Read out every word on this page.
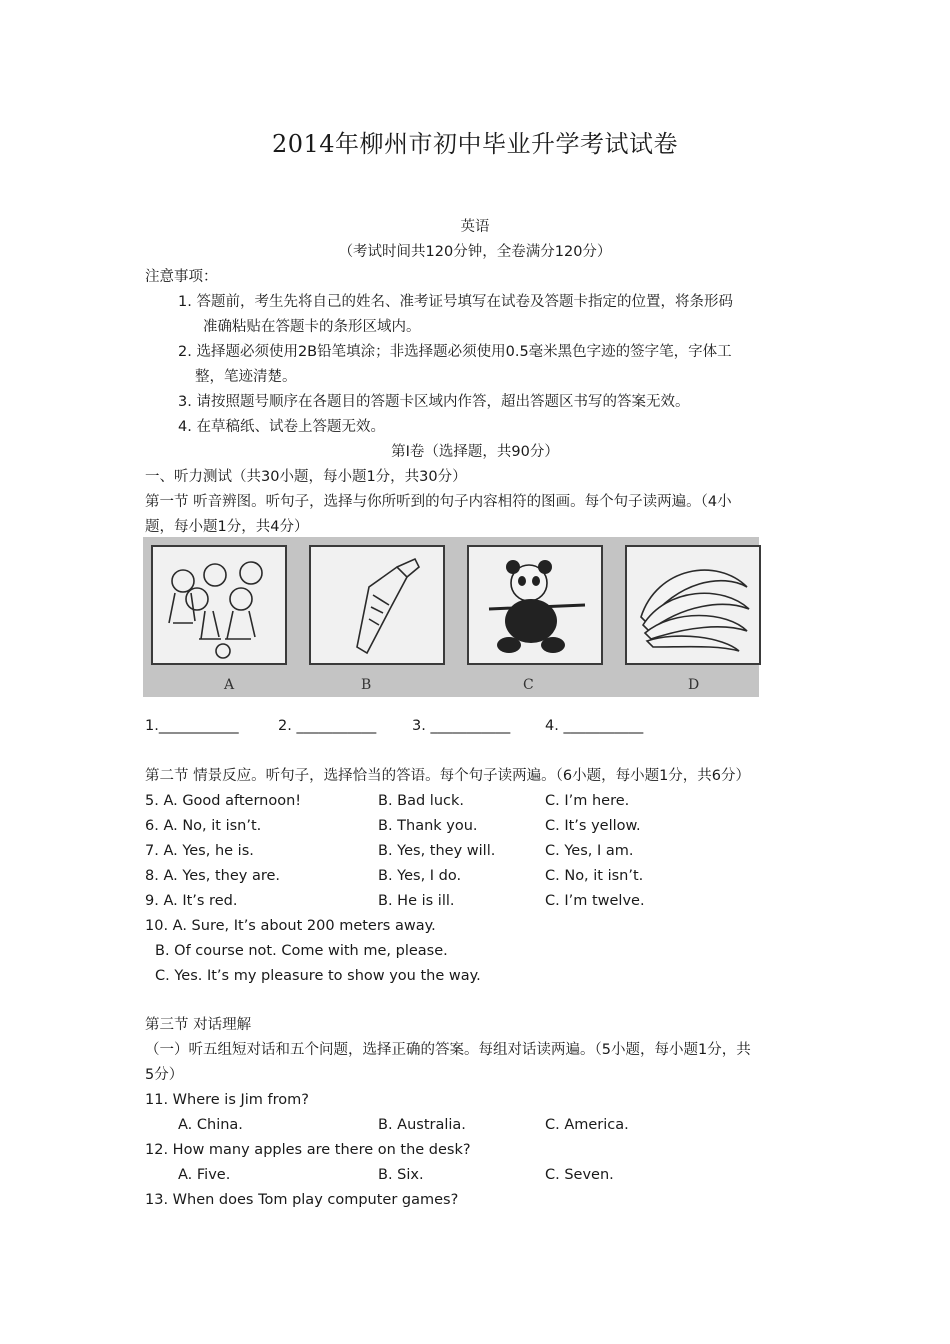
2014年柳州市初中毕业升学考试试卷
英语
（考试时间共120分钟，全卷满分120分）
注意事项：
1. 答题前，考生先将自己的姓名、准考证号填写在试卷及答题卡指定的位置，将条形码
准确粘贴在答题卡的条形区域内。
2. 选择题必须使用2B铅笔填涂；非选择题必须使用0.5毫米黑色字迹的签字笔，字体工
整，笔迹清楚。
3. 请按照题号顺序在各题目的答题卡区域内作答，超出答题区书写的答案无效。
4. 在草稿纸、试卷上答题无效。
第Ⅰ卷（选择题，共90分）
一、听力测试（共30小题，每小题1分，共30分）
第一节 听音辨图。听句子，选择与你所听到的句子内容相符的图画。每个句子读两遍。（4小
题，每小题1分，共4分）
A	B	C	D
1.___________	2. ___________ 3. ___________ 4. ___________
第二节 情景反应。听句子，选择恰当的答语。每个句子读两遍。（6小题，每小题1分，共6分）
5. A. Good afternoon!	B. Bad luck.	C. I’m here.
6. A. No, it isn’t.	B. Thank you.	C. It’s yellow.
7. A. Yes, he is.	B. Yes, they will.	C. Yes, I am.
8. A. Yes, they are.	B. Yes, I do.	C. No, it isn’t.
9. A. It’s red.	B. He is ill.	C. I’m twelve.
10. A. Sure, It’s about 200 meters away.
B. Of course not. Come with me, please.
C. Yes. It’s my pleasure to show you the way.
第三节 对话理解
（一）听五组短对话和五个问题，选择正确的答案。每组对话读两遍。（5小题，每小题1分，共
5分）
11. Where is Jim from?
A. China.	B. Australia.	C. America.
12. How many apples are there on the desk?
A. Five.	B. Six.	C. Seven.
13. When does Tom play computer games?
